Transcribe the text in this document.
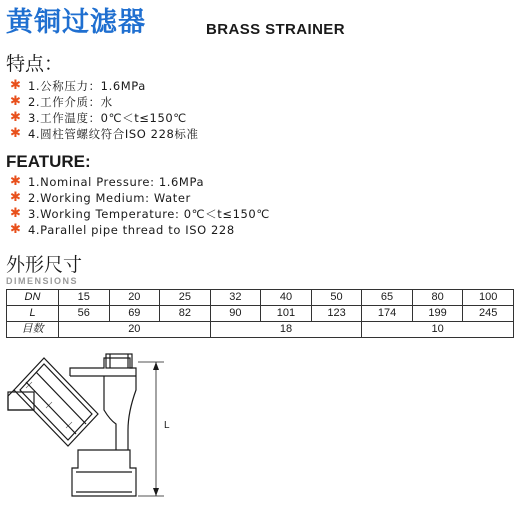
黄铜过滤器	BRASS STRAINER
特点：
✱ 1.公称压力：1.6MPa
✱ 2.工作介质：水
✱ 3.工作温度：0℃＜t≤150℃
✱ 4.圆柱管螺纹符合ISO 228标准
FEATURE:
✱ 1.Nominal Pressure: 1.6MPa
✱ 2.Working Medium: Water
✱ 3.Working Temperature: 0℃＜t≤150℃
✱ 4.Parallel pipe thread to ISO 228
外形尺寸
DIMENSIONS
DN	15	20	25	32	40	50	65	80	100
L	56	69	82	90	101	123	174	199	245
目数	20			18			10		
L
